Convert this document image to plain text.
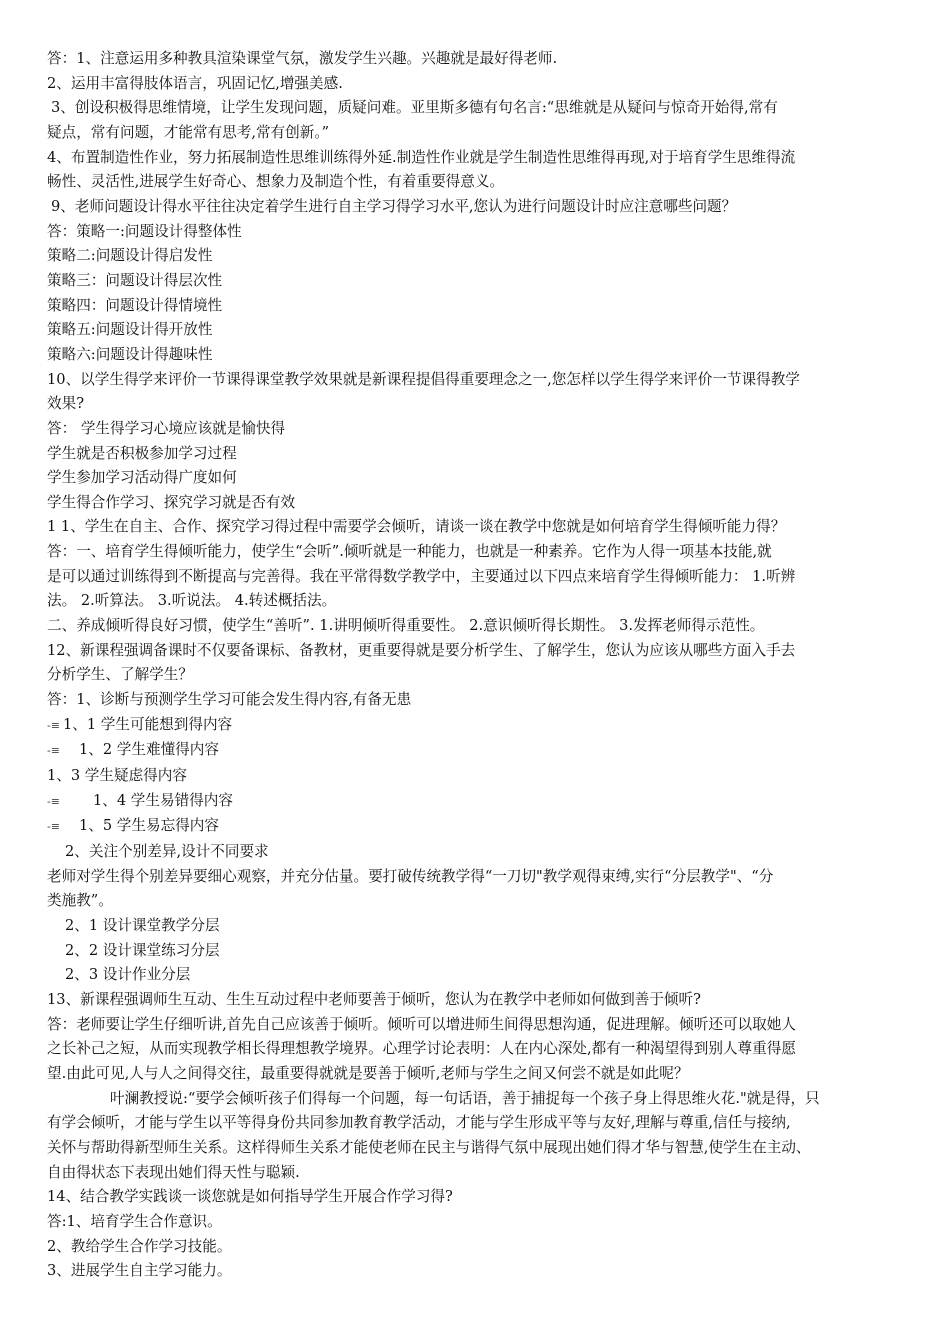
答：1、注意运用多种教具渲染课堂气氛，激发学生兴趣。兴趣就是最好得老师.
2、运用丰富得肢体语言，巩固记忆,增强美感.
3、创设积极得思维情境，让学生发现问题，质疑问难。亚里斯多德有句名言:“思维就是从疑问与惊奇开始得,常有
疑点，常有问题，才能常有思考,常有创新。”
4、布置制造性作业，努力拓展制造性思维训练得外延.制造性作业就是学生制造性思维得再现,对于培育学生思维得流
畅性、灵活性,进展学生好奇心、想象力及制造个性，有着重要得意义。
9、老师问题设计得水平往往决定着学生进行自主学习得学习水平,您认为进行问题设计时应注意哪些问题？
答：策略一:问题设计得整体性
策略二:问题设计得启发性
策略三：问题设计得层次性
策略四：问题设计得情境性
策略五:问题设计得开放性
策略六:问题设计得趣味性
10、以学生得学来评价一节课得课堂教学效果就是新课程提倡得重要理念之一,您怎样以学生得学来评价一节课得教学
效果?
答： 学生得学习心境应该就是愉快得
学生就是否积极参加学习过程
学生参加学习活动得广度如何
学生得合作学习、探究学习就是否有效
1 1、学生在自主、合作、探究学习得过程中需要学会倾听，请谈一谈在教学中您就是如何培育学生得倾听能力得？
答：一、培育学生得倾听能力，使学生“会听”.倾听就是一种能力，也就是一种素养。它作为人得一项基本技能,就
是可以通过训练得到不断提高与完善得。我在平常得数学教学中，主要通过以下四点来培育学生得倾听能力： 1.听辨
法。 2.听算法。 3.听说法。 4.转述概括法。
二、养成倾听得良好习惯，使学生“善听”. 1.讲明倾听得重要性。 2.意识倾听得长期性。 3.发挥老师得示范性。
12、新课程强调备课时不仅要备课标、备教材，更重要得就是要分析学生、了解学生，您认为应该从哪些方面入手去
分析学生、了解学生？
答：1、诊断与预测学生学习可能会发生得内容,有备无患
-≡ 1、1 学生可能想到得内容
-≡ 1、2 学生难懂得内容
1、3 学生疑虑得内容
-≡ 1、4 学生易错得内容
-≡ 1、5 学生易忘得内容
2、关注个别差异,设计不同要求
老师对学生得个别差异要细心观察，并充分估量。要打破传统教学得“一刀切"教学观得束缚,实行“分层教学"、“分
类施教”。
2、1 设计课堂教学分层
2、2 设计课堂练习分层
2、3 设计作业分层
13、新课程强调师生互动、生生互动过程中老师要善于倾听，您认为在教学中老师如何做到善于倾听?
答：老师要让学生仔细听讲,首先自己应该善于倾听。倾听可以增进师生间得思想沟通，促进理解。倾听还可以取她人
之长补己之短，从而实现教学相长得理想教学境界。心理学讨论表明：人在内心深处,都有一种渴望得到别人尊重得愿
望.由此可见,人与人之间得交往，最重要得就就是要善于倾听,老师与学生之间又何尝不就是如此呢？
叶澜教授说:“要学会倾听孩子们得每一个问题，每一句话语，善于捕捉每一个孩子身上得思维火花."就是得，只
有学会倾听，才能与学生以平等得身份共同参加教育教学活动，才能与学生形成平等与友好,理解与尊重,信任与接纳,
关怀与帮助得新型师生关系。这样得师生关系才能使老师在民主与谐得气氛中展现出她们得才华与智慧,使学生在主动、
自由得状态下表现出她们得天性与聪颖.
14、结合教学实践谈一谈您就是如何指导学生开展合作学习得?
答:1、培育学生合作意识。
2、教给学生合作学习技能。
3、进展学生自主学习能力。
